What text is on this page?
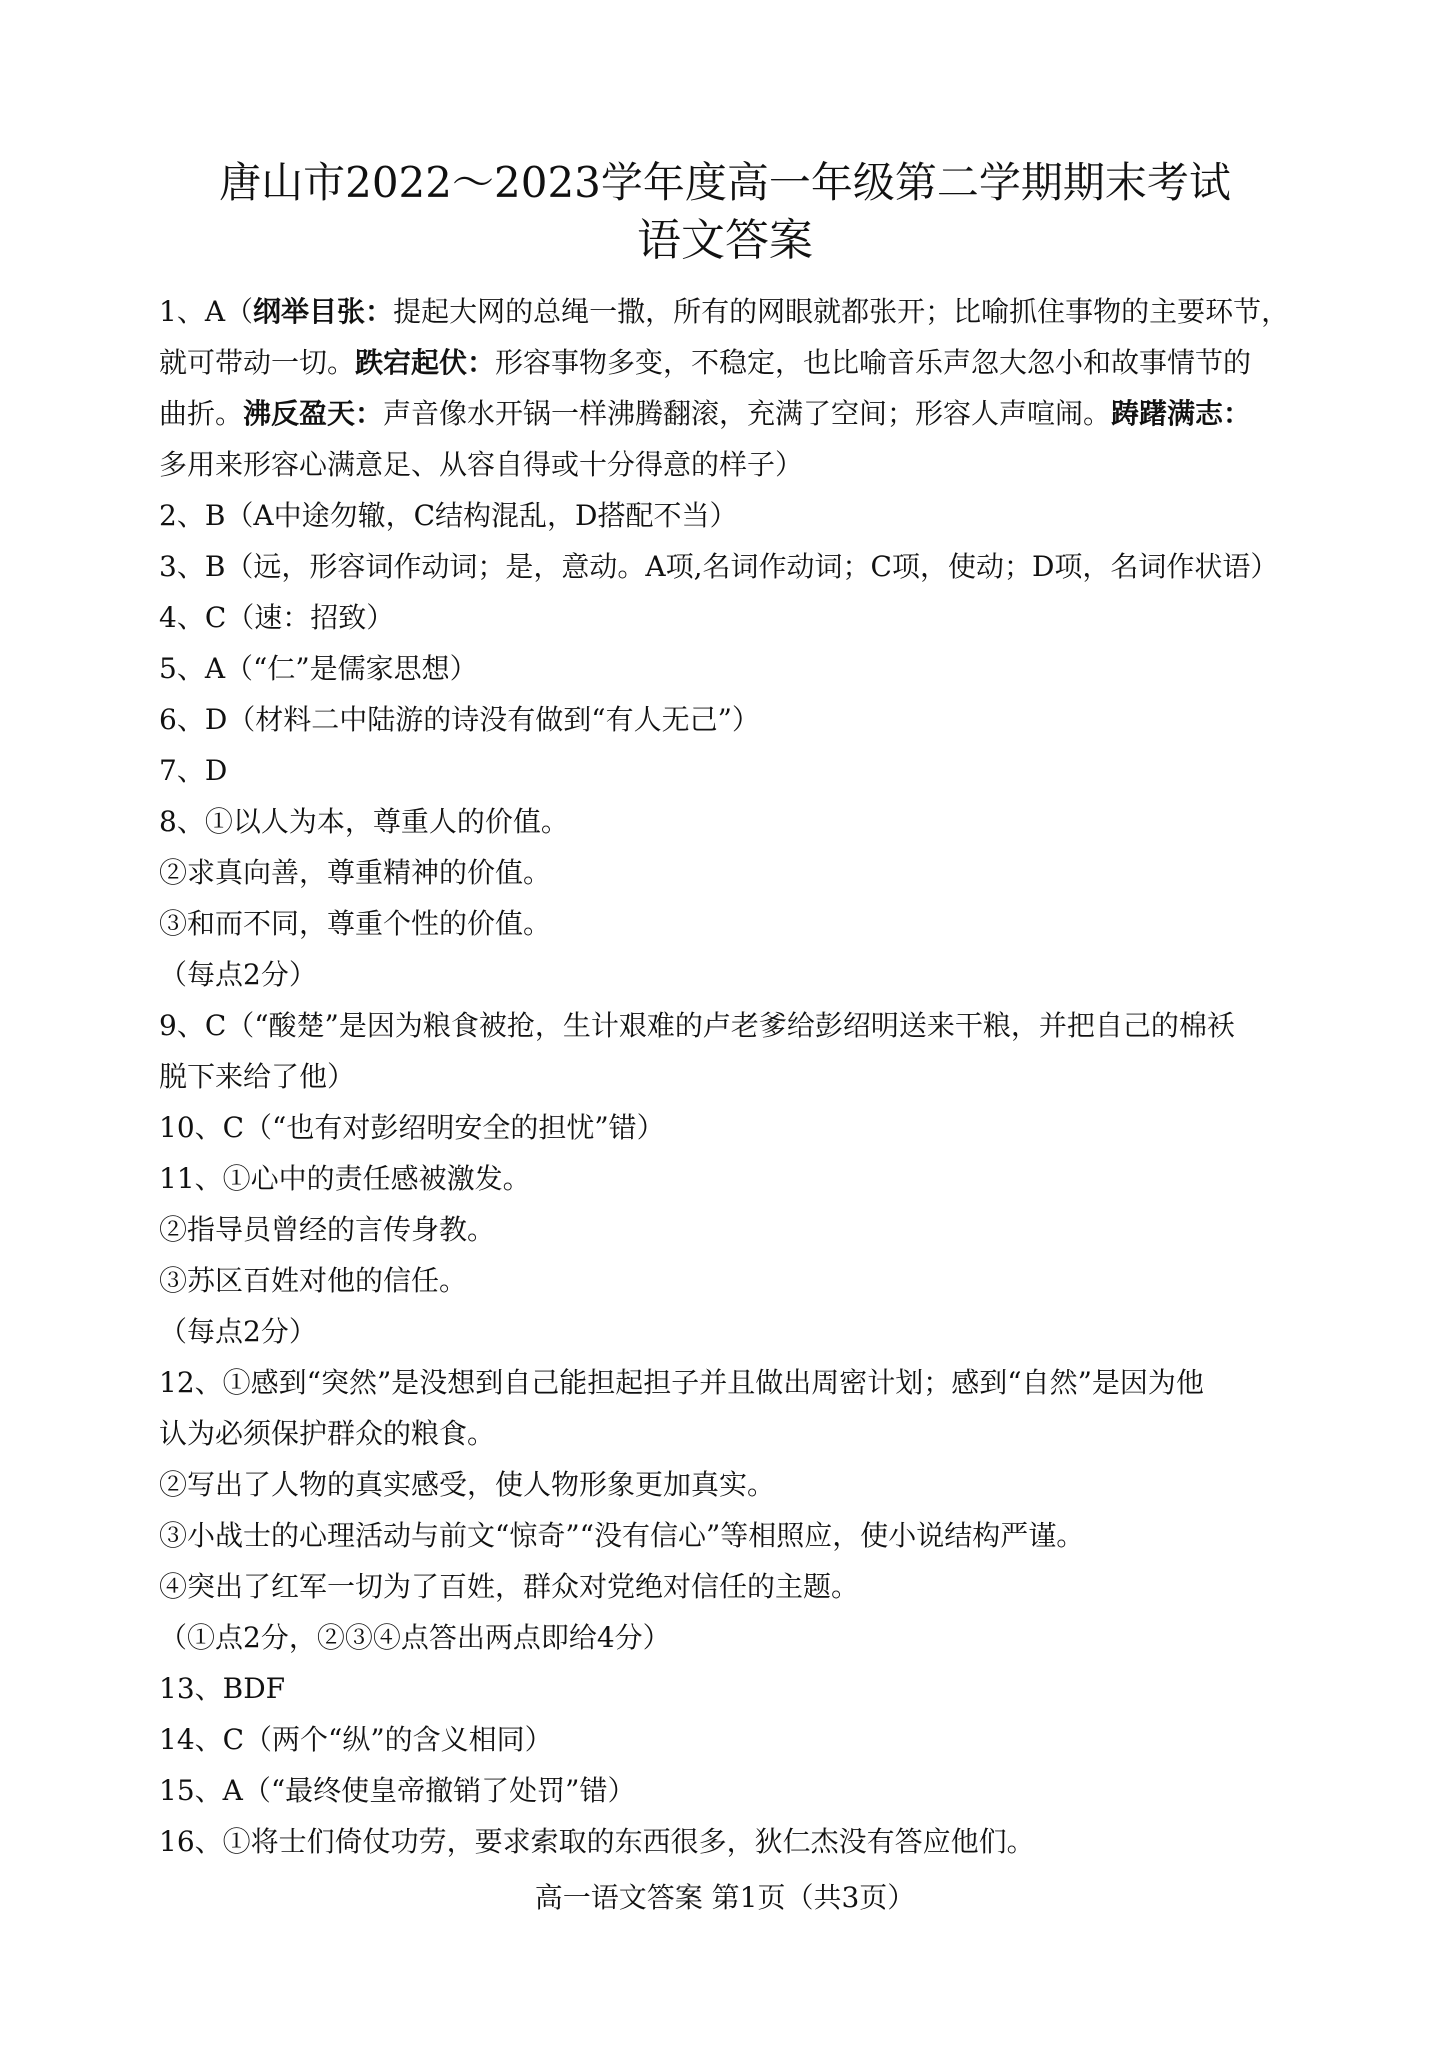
唐山市2022～2023学年度高一年级第二学期期末考试
语文答案
1、A（纲举目张：提起大网的总绳一撒，所有的网眼就都张开；比喻抓住事物的主要环节，
就可带动一切。跌宕起伏：形容事物多变，不稳定，也比喻音乐声忽大忽小和故事情节的
曲折。沸反盈天：声音像水开锅一样沸腾翻滚，充满了空间；形容人声喧闹。踌躇满志：
多用来形容心满意足、从容自得或十分得意的样子）
2、B（A中途勿辙，C结构混乱，D搭配不当）
3、B（远，形容词作动词；是，意动。A项,名词作动词；C项，使动；D项，名词作状语）
4、C（速：招致）
5、A（“仁”是儒家思想）
6、D（材料二中陆游的诗没有做到“有人无己”）
7、D
8、①以人为本，尊重人的价值。
②求真向善，尊重精神的价值。
③和而不同，尊重个性的价值。
（每点2分）
9、C（“酸楚”是因为粮食被抢，生计艰难的卢老爹给彭绍明送来干粮，并把自己的棉袄
脱下来给了他）
10、C（“也有对彭绍明安全的担忧”错）
11、①心中的责任感被激发。
②指导员曾经的言传身教。
③苏区百姓对他的信任。
（每点2分）
12、①感到“突然”是没想到自己能担起担子并且做出周密计划；感到“自然”是因为他
认为必须保护群众的粮食。
②写出了人物的真实感受，使人物形象更加真实。
③小战士的心理活动与前文“惊奇”“没有信心”等相照应，使小说结构严谨。
④突出了红军一切为了百姓，群众对党绝对信任的主题。
（①点2分，②③④点答出两点即给4分）
13、BDF
14、C（两个“纵”的含义相同）
15、A（“最终使皇帝撤销了处罚”错）
16、①将士们倚仗功劳，要求索取的东西很多，狄仁杰没有答应他们。
高一语文答案 第1页（共3页）
